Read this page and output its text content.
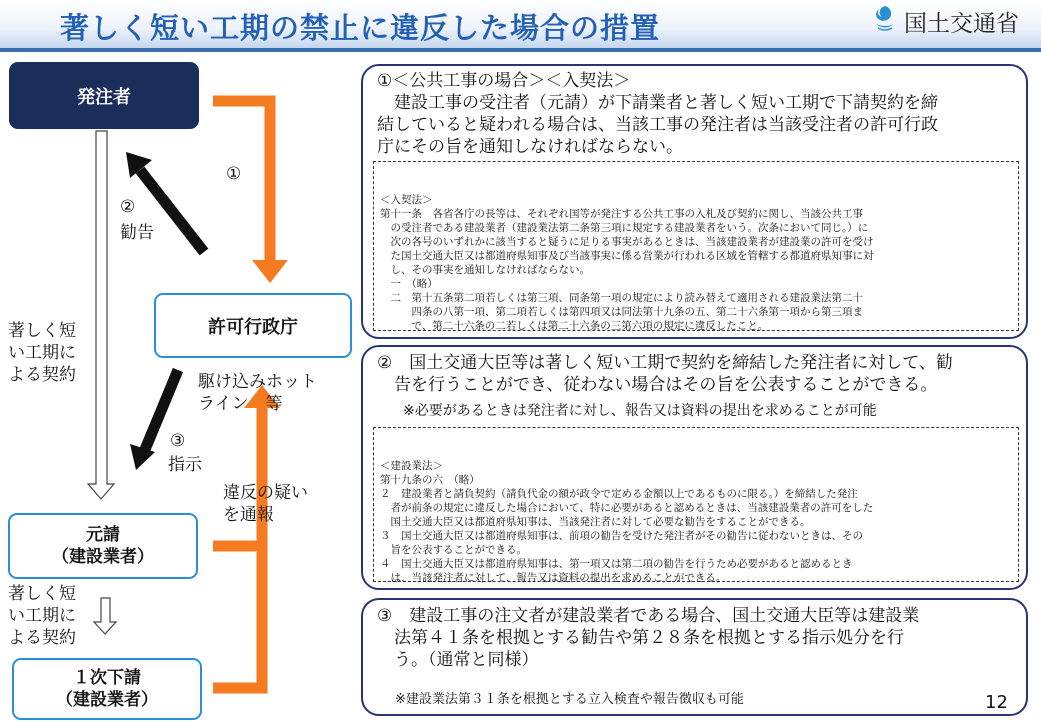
著しく短い工期の禁止に違反した場合の措置	国土交通省
発注者
許可行政庁
元請
（建設業者）
１次下請
（建設業者）
①
②
勧告
③
指示
駆け込みホット
ライン　等
違反の疑い
を通報
著しく短
い工期に
よる契約
著しく短
い工期に
よる契約
①＜公共工事の場合＞＜入契法＞
　建設工事の受注者（元請）が下請業者と著しく短い工期で下請契約を締
結していると疑われる場合は、当該工事の発注者は当該受注者の許可行政
庁にその旨を通知しなければならない。

＜入契法＞
第十一条　各省各庁の長等は、それぞれ国等が発注する公共工事の入札及び契約に関し、当該公共工事
　の受注者である建設業者（建設業法第二条第三項に規定する建設業者をいう。次条において同じ。）に
　次の各号のいずれかに該当すると疑うに足りる事実があるときは、当該建設業者が建設業の許可を受け
　た国土交通大臣又は都道府県知事及び当該事実に係る営業が行われる区域を管轄する都道府県知事に対
　し、その事実を通知しなければならない。
　一　（略）
　二　第十五条第二項若しくは第三項、同条第一項の規定により読み替えて適用される建設業法第二十
　　　四条の八第一項、第二項若しくは第四項又は同法第十九条の五、第二十六条第一項から第三項ま
　　　で、第二十六条の二若しくは第二十六条の三第六項の規定に違反したこと。

②　国土交通大臣等は著しく短い工期で契約を締結した発注者に対して、勧
　告を行うことができ、従わない場合はその旨を公表することができる。
※必要があるときは発注者に対し、報告又は資料の提出を求めることが可能

＜建設業法＞
第十九条の六　（略）
２　建設業者と請負契約（請負代金の額が政令で定める金額以上であるものに限る。）を締結した発注
　者が前条の規定に違反した場合において、特に必要があると認めるときは、当該建設業者の許可をした
　国土交通大臣又は都道府県知事は、当該発注者に対して必要な勧告をすることができる。
３　国土交通大臣又は都道府県知事は、前項の勧告を受けた発注者がその勧告に従わないときは、その
　旨を公表することができる。
４　国土交通大臣又は都道府県知事は、第一項又は第二項の勧告を行うため必要があると認めるとき
　は、当該発注者に対して、報告又は資料の提出を求めることができる。

③　建設工事の注文者が建設業者である場合、国土交通大臣等は建設業
　法第４１条を根拠とする勧告や第２８条を根拠とする指示処分を行
　う。（通常と同様）
※建設業法第３１条を根拠とする立入検査や報告徴収も可能	12
